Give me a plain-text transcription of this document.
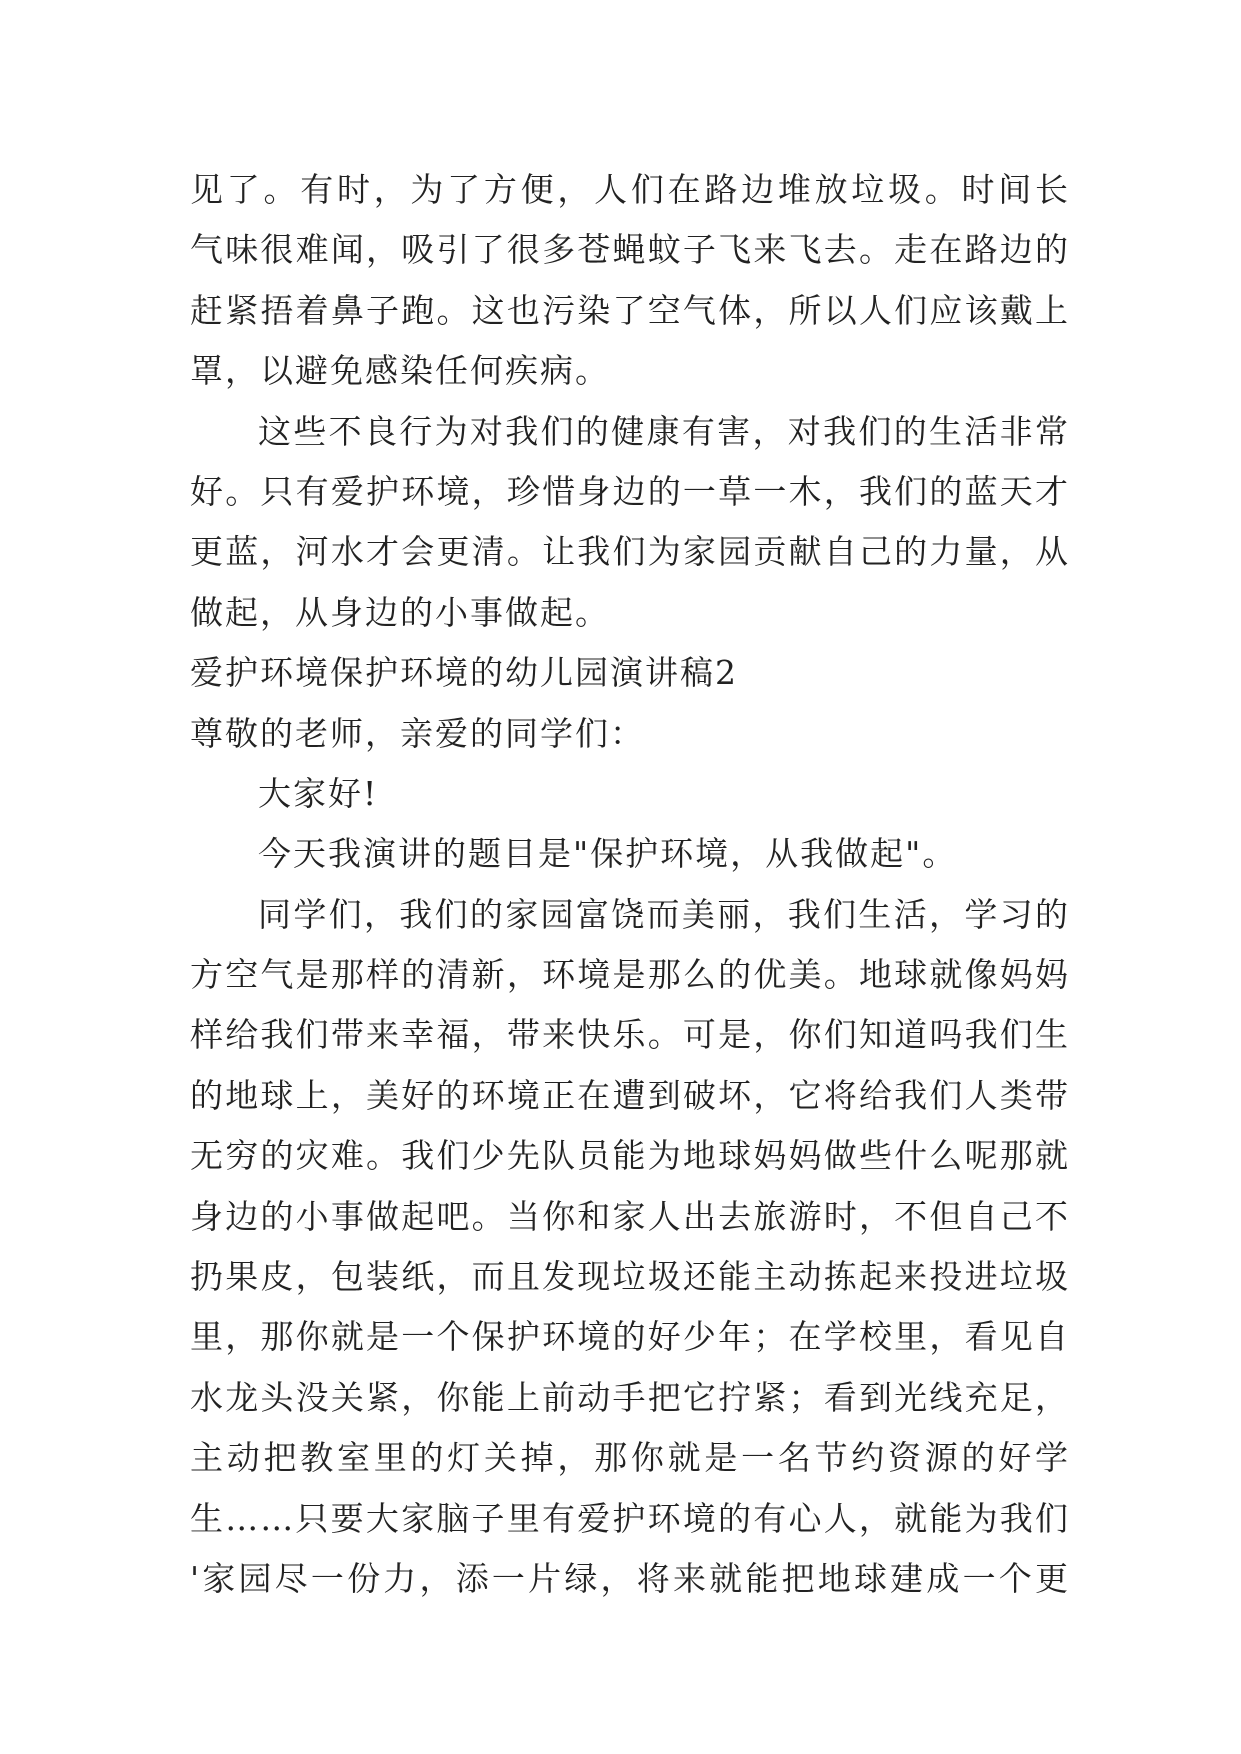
见了。有时，为了方便，人们在路边堆放垃圾。时间长
气味很难闻，吸引了很多苍蝇蚊子飞来飞去。走在路边的
赶紧捂着鼻子跑。这也污染了空气体，所以人们应该戴上
罩，以避免感染任何疾病。
这些不良行为对我们的健康有害，对我们的生活非常
好。只有爱护环境，珍惜身边的一草一木，我们的蓝天才
更蓝，河水才会更清。让我们为家园贡献自己的力量，从
做起，从身边的小事做起。
爱护环境保护环境的幼儿园演讲稿2
尊敬的老师，亲爱的同学们：
大家好!
今天我演讲的题目是"保护环境，从我做起"。
同学们，我们的家园富饶而美丽，我们生活，学习的
方空气是那样的清新，环境是那么的优美。地球就像妈妈
样给我们带来幸福，带来快乐。可是，你们知道吗我们生
的地球上，美好的环境正在遭到破坏，它将给我们人类带
无穷的灾难。我们少先队员能为地球妈妈做些什么呢那就
身边的小事做起吧。当你和家人出去旅游时，不但自己不
扔果皮，包装纸，而且发现垃圾还能主动拣起来投进垃圾
里，那你就是一个保护环境的好少年；在学校里，看见自
水龙头没关紧，你能上前动手把它拧紧；看到光线充足，
主动把教室里的灯关掉，那你就是一名节约资源的好学
生……只要大家脑子里有爱护环境的有心人，就能为我们
'家园尽一份力，添一片绿，将来就能把地球建成一个更
